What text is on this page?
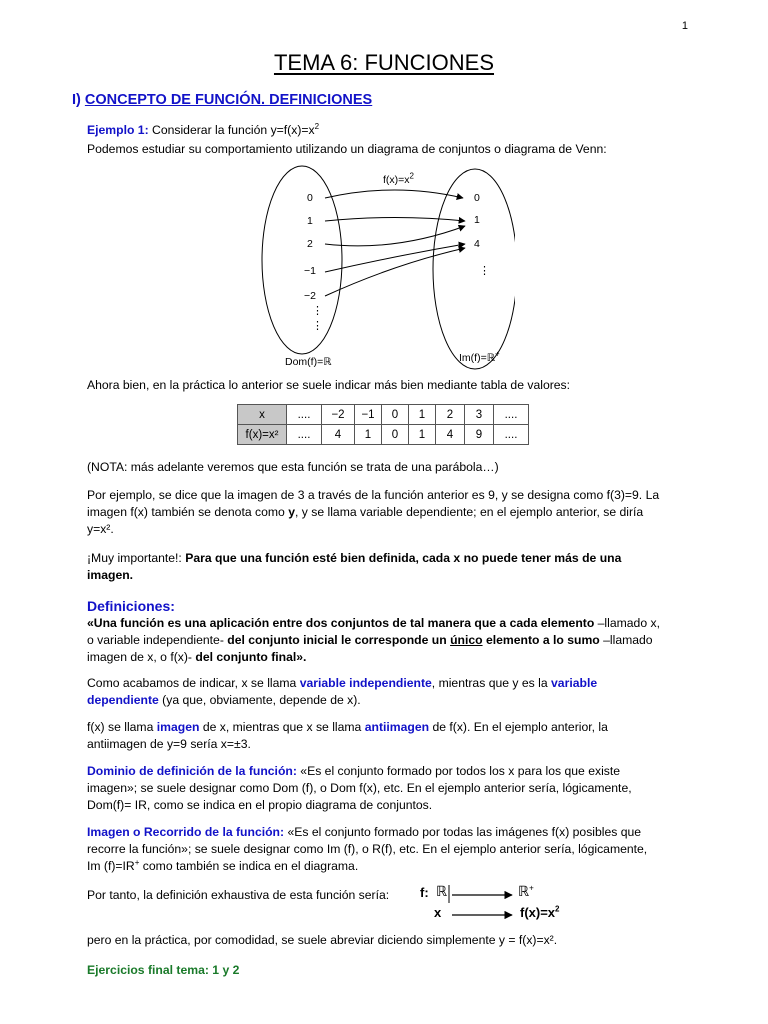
1
TEMA 6: FUNCIONES
I) CONCEPTO DE FUNCIÓN. DEFINICIONES
Ejemplo 1: Considerar la función $y=f(x)=x^2$
Podemos estudiar su comportamiento utilizando un diagrama de conjuntos o diagrama de Venn:
⋮
⋮
⋮
$f(x)=x^2$
0
1
2
−1
−2
0
1
4
Dom(f)=ℝ	Im(f)=ℝ+
Ahora bien, en la práctica lo anterior se suele indicar más bien mediante tabla de valores:
x	....	−2	−1	0	1	2	3	....
f(x)=x²	....	4	1	0	1	4	9	....
(NOTA: más adelante veremos que esta función se trata de una parábola…)
Por ejemplo, se dice que la imagen de 3 a través de la función anterior es 9, y se designa como f(3)=9. La
imagen f(x) también se denota como y, y se llama variable dependiente; en el ejemplo anterior, se diría
y=x².
¡Muy importante!: Para que una función esté bien definida, cada x no puede tener más de una
imagen.
Definiciones:
«Una función es una aplicación entre dos conjuntos de tal manera que a cada elemento –llamado x,
o variable independiente- del conjunto inicial le corresponde un único elemento a lo sumo –llamado
imagen de x, o f(x)- del conjunto final».
Como acabamos de indicar, x se llama variable independiente, mientras que y es la variable
dependiente (ya que, obviamente, depende de x).
f(x) se llama imagen de x, mientras que x se llama antiimagen de f(x). En el ejemplo anterior, la
antiimagen de y=9 sería x=±3.
Dominio de definición de la función: «Es el conjunto formado por todos los x para los que existe
imagen»; se suele designar como Dom (f), o Dom f(x), etc. En el ejemplo anterior sería, lógicamente,
Dom(f)= IR, como se indica en el propio diagrama de conjuntos.
Imagen o Recorrido de la función: «Es el conjunto formado por todas las imágenes f(x) posibles que
recorre la función»; se suele designar como Im (f), o R(f), etc. En el ejemplo anterior sería, lógicamente,
Im (f)=IR+ como también se indica en el diagrama.
Por tanto, la definición exhaustiva de esta función sería:	f: ℝ	ℝ+
x	$f(x)=x^2$
pero en la práctica, por comodidad, se suele abreviar diciendo simplemente y = f(x)=x².
Ejercicios final tema: 1 y 2
